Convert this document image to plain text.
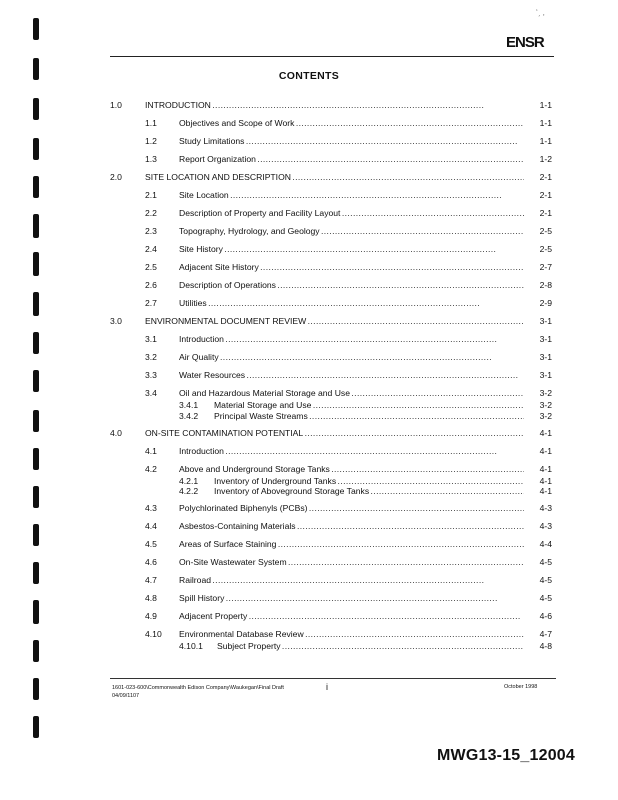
‘ˏ ,
ENSR
CONTENTS
1.0	INTRODUCTION . . .	1-1
1.1	Objectives and Scope of Work . . .	1-1
1.2	Study Limitations . . .	1-1
1.3	Report Organization . . .	1-2
2.0	SITE LOCATION AND DESCRIPTION . . .	2-1
2.1	Site Location . . .	2-1
2.2	Description of Property and Facility Layout . . .	2-1
2.3	Topography, Hydrology, and Geology . . .	2-5
2.4	Site History . . .	2-5
2.5	Adjacent Site History . . .	2-7
2.6	Description of Operations . . .	2-8
2.7	Utilities . . .	2-9
3.0	ENVIRONMENTAL DOCUMENT REVIEW . . .	3-1
3.1	Introduction . . .	3-1
3.2	Air Quality . . .	3-1
3.3	Water Resources . . .	3-1
3.4	Oil and Hazardous Material Storage and Use . . .	3-2
3.4.1 Material Storage and Use . . .	3-2
3.4.2 Principal Waste Streams . . .	3-2
4.0	ON-SITE CONTAMINATION POTENTIAL . . .	4-1
4.1	Introduction . . .	4-1
4.2	Above and Underground Storage Tanks . . .	4-1
4.2.1 Inventory of Underground Tanks . . .	4-1
4.2.2 Inventory of Aboveground Storage Tanks . . .	4-1
4.3	Polychlorinated Biphenyls (PCBs) . . .	4-3
4.4	Asbestos-Containing Materials . . .	4-3
4.5	Areas of Surface Staining . . .	4-4
4.6	On-Site Wastewater System . . .	4-5
4.7	Railroad . . .	4-5
4.8	Spill History . . .	4-5
4.9	Adjacent Property . . .	4-6
4.10 Environmental Database Review . . .	4-7
4.10.1 Subject Property . . .	4-8
1601-023-600\Commonwealth Edison Company\Waukegan\Final Draft
04/09/1107
i	October 1998
MWG13-15_12004
